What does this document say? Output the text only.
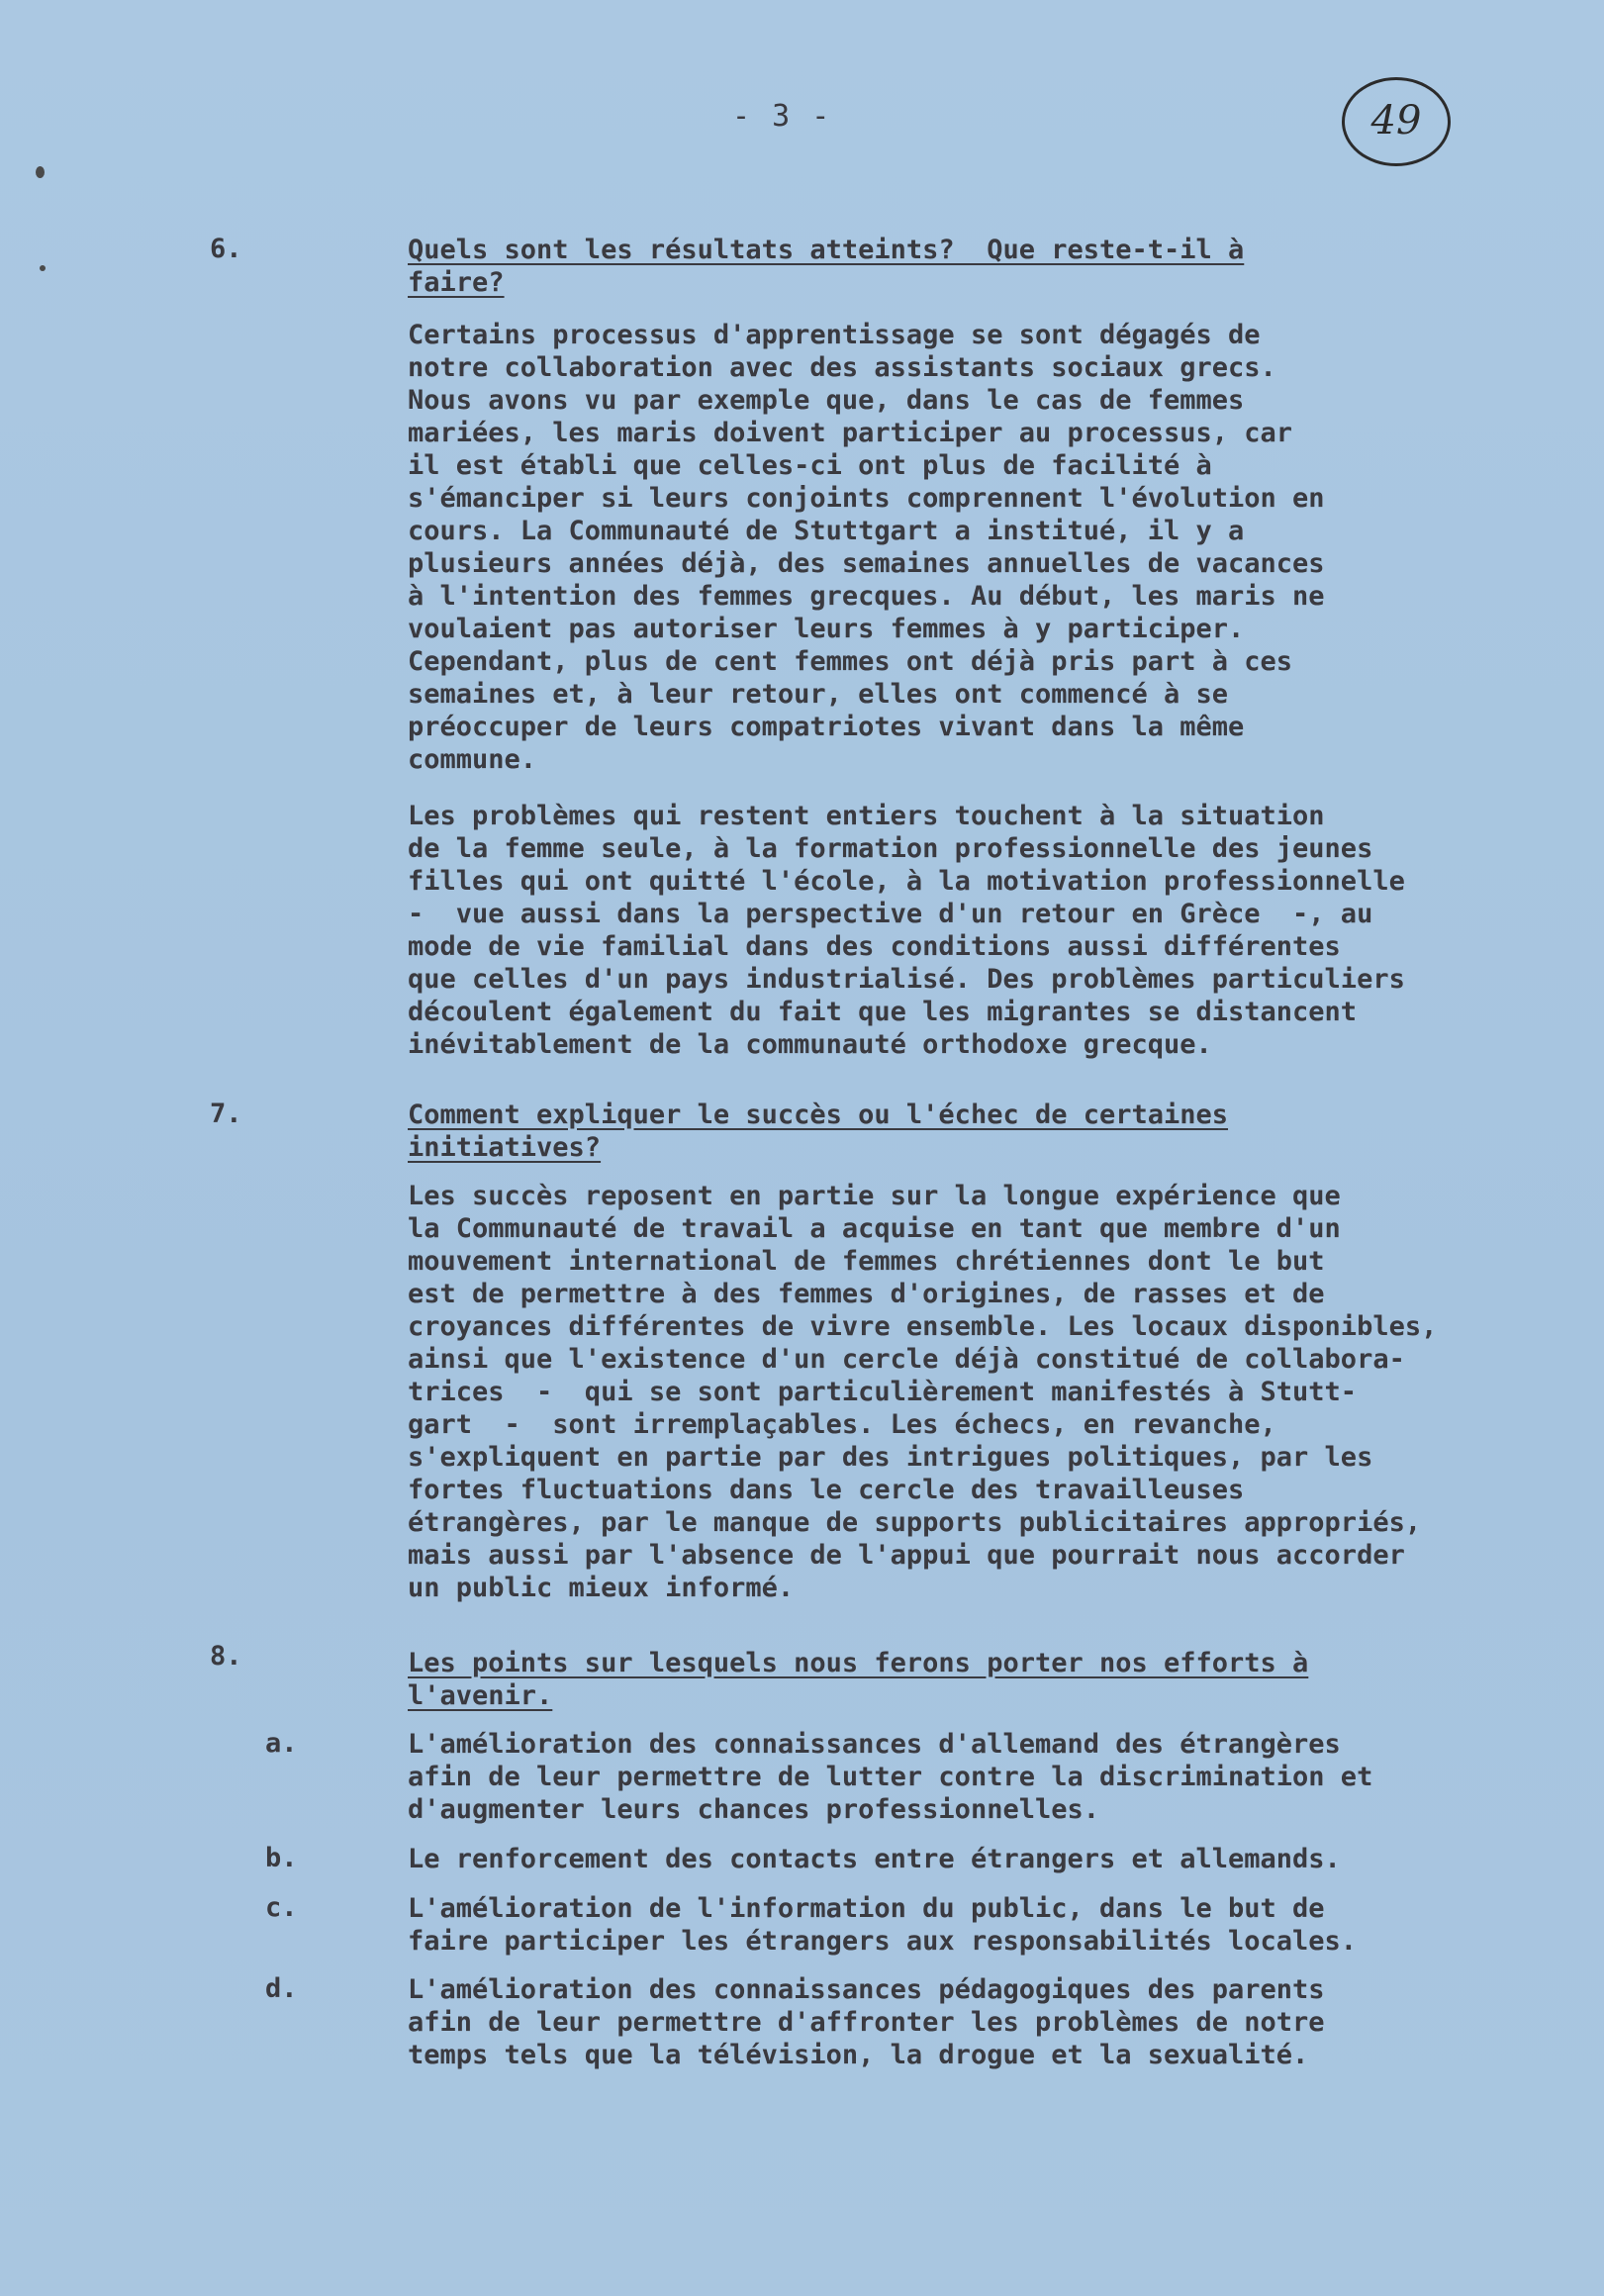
- 3 -	49
6.	Quels sont les résultats atteints?  Que reste-t-il à
faire?
Certains processus d'apprentissage se sont dégagés de
notre collaboration avec des assistants sociaux grecs.
Nous avons vu par exemple que, dans le cas de femmes
mariées, les maris doivent participer au processus, car
il est établi que celles-ci ont plus de facilité à
s'émanciper si leurs conjoints comprennent l'évolution en
cours. La Communauté de Stuttgart a institué, il y a
plusieurs années déjà, des semaines annuelles de vacances
à l'intention des femmes grecques. Au début, les maris ne
voulaient pas autoriser leurs femmes à y participer.
Cependant, plus de cent femmes ont déjà pris part à ces
semaines et, à leur retour, elles ont commencé à se
préoccuper de leurs compatriotes vivant dans la même
commune.
Les problèmes qui restent entiers touchent à la situation
de la femme seule, à la formation professionnelle des jeunes
filles qui ont quitté l'école, à la motivation professionnelle
-  vue aussi dans la perspective d'un retour en Grèce  -, au
mode de vie familial dans des conditions aussi différentes
que celles d'un pays industrialisé. Des problèmes particuliers
découlent également du fait que les migrantes se distancent
inévitablement de la communauté orthodoxe grecque.
7.	Comment expliquer le succès ou l'échec de certaines
initiatives?
Les succès reposent en partie sur la longue expérience que
la Communauté de travail a acquise en tant que membre d'un
mouvement international de femmes chrétiennes dont le but
est de permettre à des femmes d'origines, de rasses et de
croyances différentes de vivre ensemble. Les locaux disponibles,
ainsi que l'existence d'un cercle déjà constitué de collabora-
trices  -  qui se sont particulièrement manifestés à Stutt-
gart  -  sont irremplaçables. Les échecs, en revanche,
s'expliquent en partie par des intrigues politiques, par les
fortes fluctuations dans le cercle des travailleuses
étrangères, par le manque de supports publicitaires appropriés,
mais aussi par l'absence de l'appui que pourrait nous accorder
un public mieux informé.
8.	Les points sur lesquels nous ferons porter nos efforts à
l'avenir.
a.	L'amélioration des connaissances d'allemand des étrangères
afin de leur permettre de lutter contre la discrimination et
d'augmenter leurs chances professionnelles.
b.	Le renforcement des contacts entre étrangers et allemands.
c.	L'amélioration de l'information du public, dans le but de
faire participer les étrangers aux responsabilités locales.
d.	L'amélioration des connaissances pédagogiques des parents
afin de leur permettre d'affronter les problèmes de notre
temps tels que la télévision, la drogue et la sexualité.
